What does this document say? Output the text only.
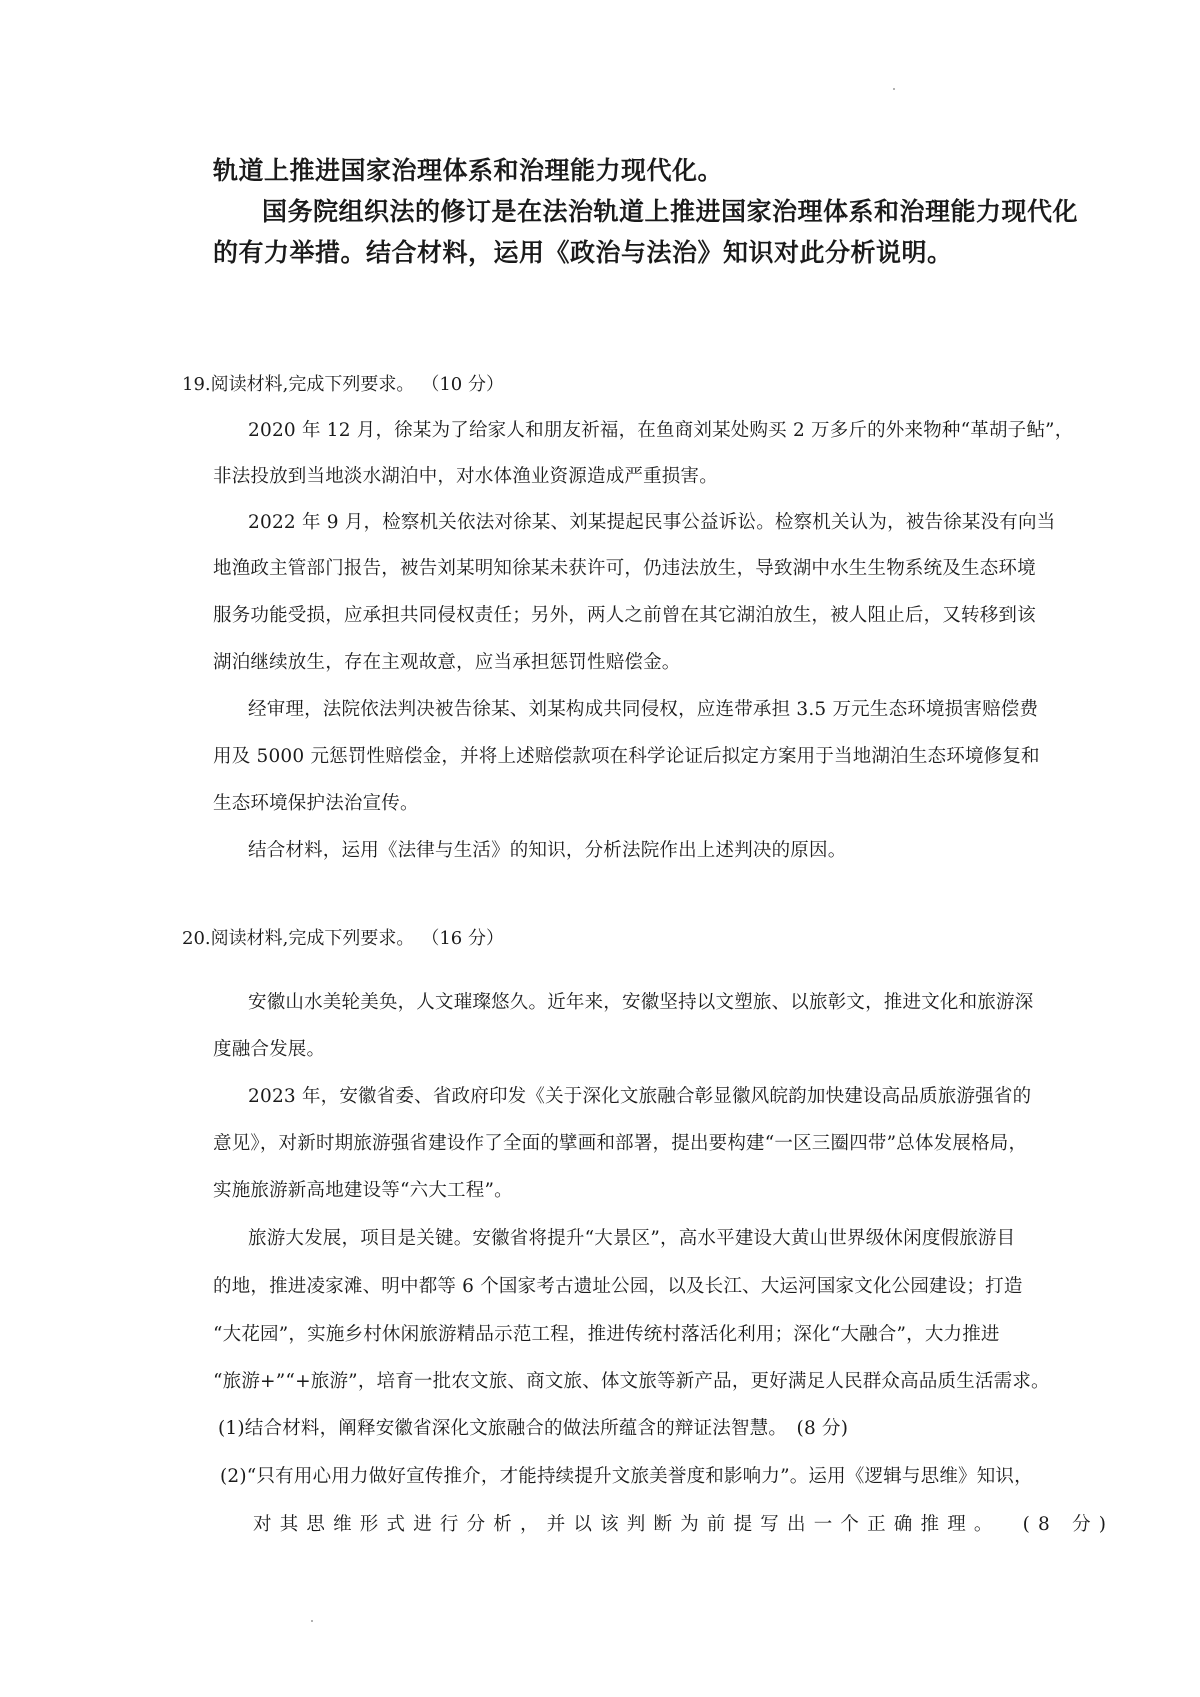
轨道上推进国家治理体系和治理能力现代化。
国务院组织法的修订是在法治轨道上推进国家治理体系和治理能力现代化
的有力举措。结合材料，运用《政治与法治》知识对此分析说明。
19.阅读材料,完成下列要求。 （10 分）
2020 年 12 月，徐某为了给家人和朋友祈福，在鱼商刘某处购买 2 万多斤的外来物种“革胡子鲇”，
非法投放到当地淡水湖泊中，对水体渔业资源造成严重损害。
2022 年 9 月，检察机关依法对徐某、刘某提起民事公益诉讼。检察机关认为，被告徐某没有向当
地渔政主管部门报告，被告刘某明知徐某未获许可，仍违法放生，导致湖中水生生物系统及生态环境
服务功能受损，应承担共同侵权责任；另外，两人之前曾在其它湖泊放生，被人阻止后，又转移到该
湖泊继续放生，存在主观故意，应当承担惩罚性赔偿金。
经审理，法院依法判决被告徐某、刘某构成共同侵权，应连带承担 3.5 万元生态环境损害赔偿费
用及 5000 元惩罚性赔偿金，并将上述赔偿款项在科学论证后拟定方案用于当地湖泊生态环境修复和
生态环境保护法治宣传。
结合材料，运用《法律与生活》的知识，分析法院作出上述判决的原因。
20.阅读材料,完成下列要求。 （16 分）
安徽山水美轮美奂，人文璀璨悠久。近年来，安徽坚持以文塑旅、以旅彰文，推进文化和旅游深
度融合发展。
2023 年，安徽省委、省政府印发《关于深化文旅融合彰显徽风皖韵加快建设高品质旅游强省的
意见》，对新时期旅游强省建设作了全面的擘画和部署，提出要构建“一区三圈四带”总体发展格局，
实施旅游新高地建设等“六大工程”。
旅游大发展，项目是关键。安徽省将提升“大景区”，高水平建设大黄山世界级休闲度假旅游目
的地，推进凌家滩、明中都等 6 个国家考古遗址公园，以及长江、大运河国家文化公园建设；打造
“大花园”，实施乡村休闲旅游精品示范工程，推进传统村落活化利用；深化“大融合”，大力推进
“旅游+”“+旅游”，培育一批农文旅、商文旅、体文旅等新产品，更好满足人民群众高品质生活需求。
(1)结合材料，阐释安徽省深化文旅融合的做法所蕴含的辩证法智慧。　(8 分)
(2)“只有用心用力做好宣传推介，才能持续提升文旅美誉度和影响力”。运用《逻辑与思维》知识，
对其思维形式进行分析，并以该判断为前提写出一个正确推理。 (8 分)
